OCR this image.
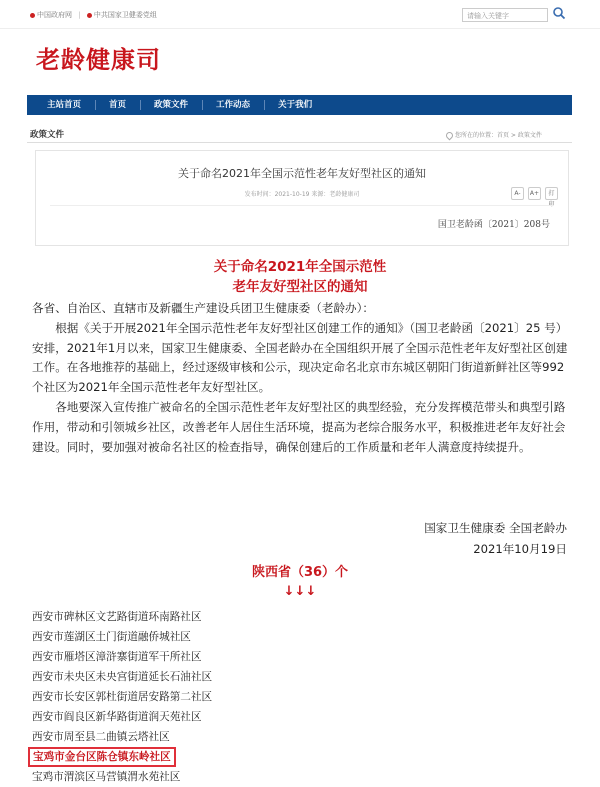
中国政府网 | 中共国家卫健委党组	请输入关键字
老龄健康司
主站首页	首页	政策文件	工作动态	关于我们
政策文件	您所在的位置：首页 > 政策文件
关于命名2021年全国示范性老年友好型社区的通知
发布时间：2021-10-19 来源：老龄健康司	A-	A+	打
国卫老龄函〔2021〕208号
关于命名2021年全国示范性
老年友好型社区的通知

各省、自治区、直辖市及新疆生产建设兵团卫生健康委（老龄办）：

根据《关于开展2021年全国示范性老年友好型社区创建工作的通知》（国卫老龄函〔2021〕25 号）安排，2021年1月以来，国家卫生健康委、全国老龄办在全国组织开展了全国示范性老年友好型社区创建工作。在各地推荐的基础上，经过逐级审核和公示，现决定命名北京市东城区朝阳门街道新鲜社区等992个社区为2021年全国示范性老年友好型社区。

各地要深入宣传推广被命名的全国示范性老年友好型社区的典型经验，充分发挥模范带头和典型引路作用，带动和引领城乡社区，改善老年人居住生活环境，提高为老综合服务水平，积极推进老年友好社会建设。同时，要加强对被命名社区的检查指导，确保创建后的工作质量和老年人满意度持续提升。

国家卫生健康委 全国老龄办
2021年10月19日
陕西省（36）个
↓↓↓
西安市碑林区文艺路街道环南路社区
西安市莲湖区土门街道融侨城社区
西安市雁塔区漳浒寨街道军干所社区
西安市未央区未央宫街道延长石油社区
西安市长安区郭杜街道居安路第二社区
西安市阎良区新华路街道润天苑社区
西安市周至县二曲镇云塔社区
宝鸡市金台区陈仓镇东岭社区
宝鸡市渭滨区马营镇渭水苑社区
